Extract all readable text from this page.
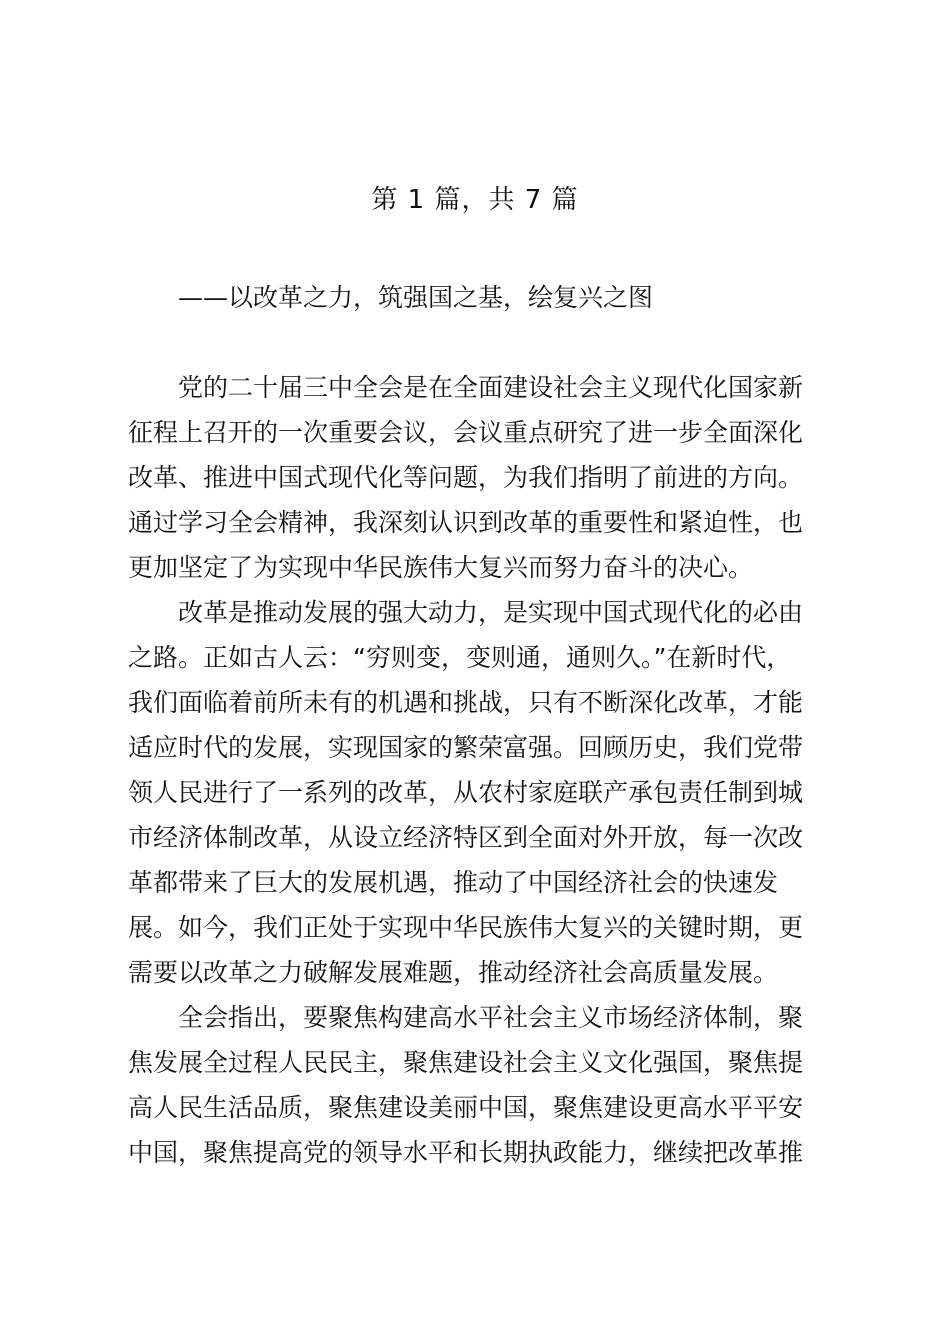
第 1 篇，共 7 篇
——以改革之力，筑强国之基，绘复兴之图
党的二十届三中全会是在全面建设社会主义现代化国家新
征程上召开的一次重要会议，会议重点研究了进一步全面深化
改革、推进中国式现代化等问题，为我们指明了前进的方向。
通过学习全会精神，我深刻认识到改革的重要性和紧迫性，也
更加坚定了为实现中华民族伟大复兴而努力奋斗的决心。
改革是推动发展的强大动力，是实现中国式现代化的必由
之路。正如古人云：“穷则变，变则通，通则久。”在新时代，
我们面临着前所未有的机遇和挑战，只有不断深化改革，才能
适应时代的发展，实现国家的繁荣富强。回顾历史，我们党带
领人民进行了一系列的改革，从农村家庭联产承包责任制到城
市经济体制改革，从设立经济特区到全面对外开放，每一次改
革都带来了巨大的发展机遇，推动了中国经济社会的快速发
展。如今，我们正处于实现中华民族伟大复兴的关键时期，更
需要以改革之力破解发展难题，推动经济社会高质量发展。
全会指出，要聚焦构建高水平社会主义市场经济体制，聚
焦发展全过程人民民主，聚焦建设社会主义文化强国，聚焦提
高人民生活品质，聚焦建设美丽中国，聚焦建设更高水平平安
中国，聚焦提高党的领导水平和长期执政能力，继续把改革推
